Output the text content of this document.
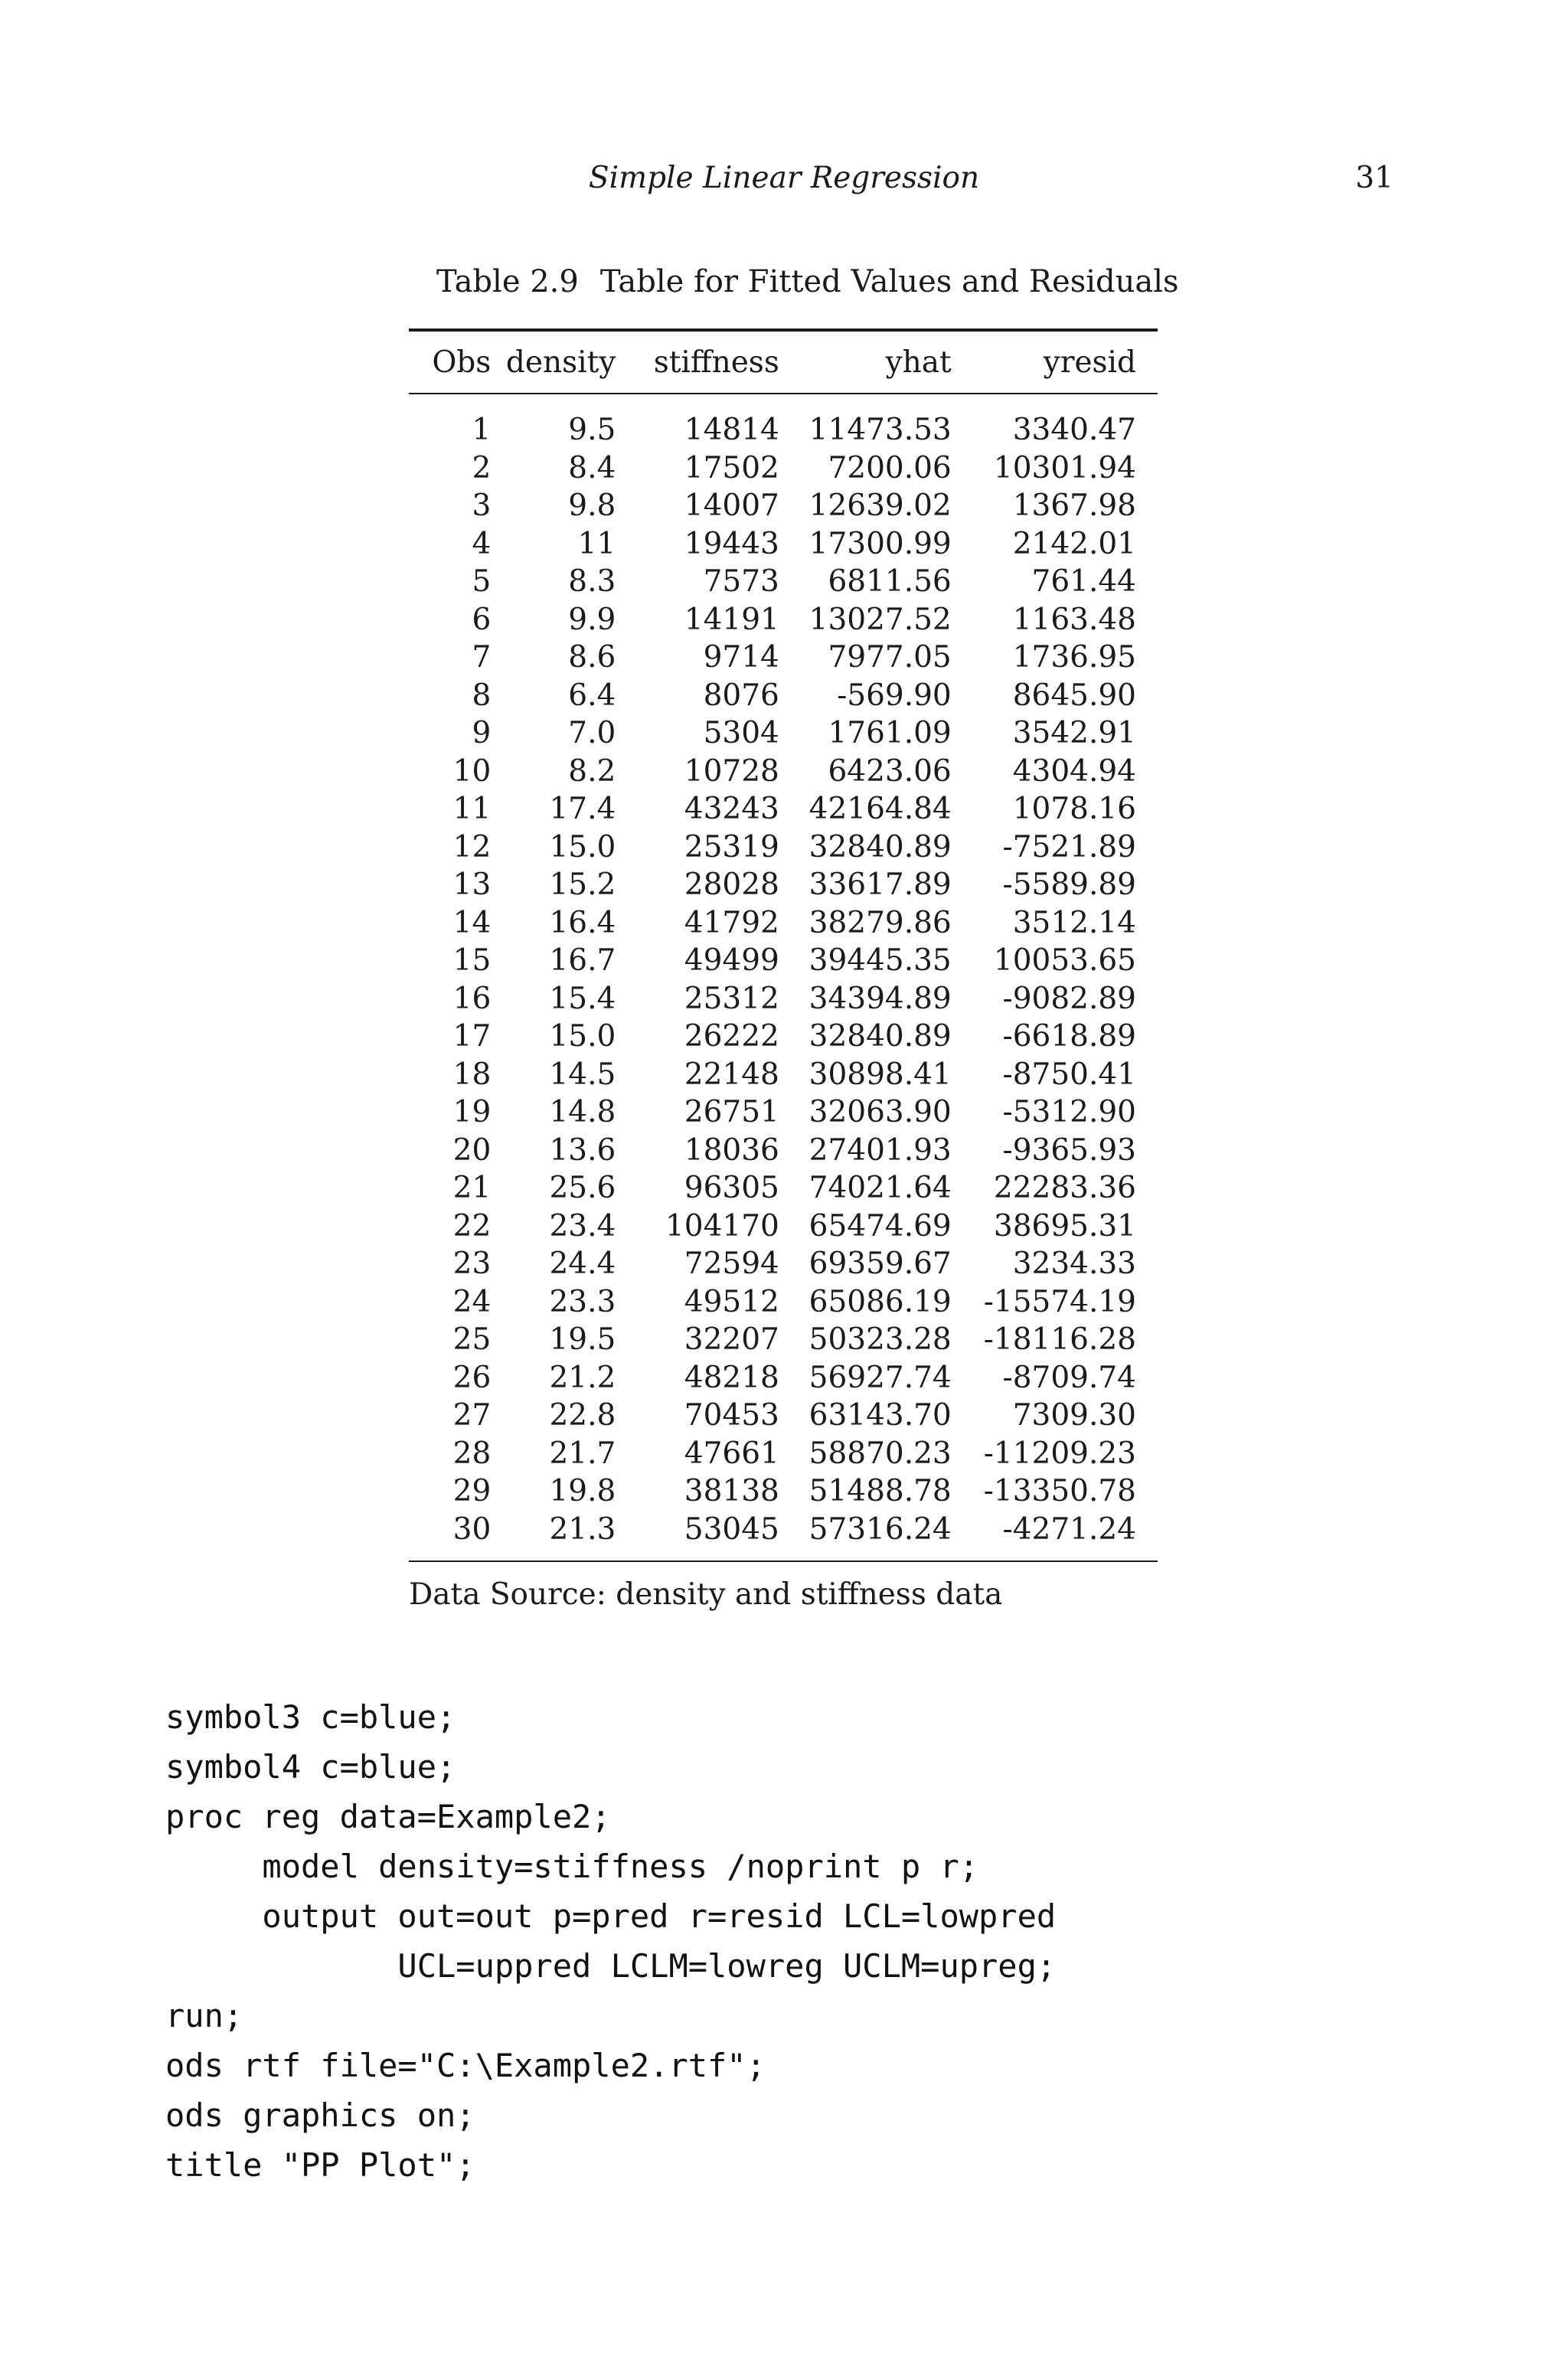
Simple Linear Regression	31
Table 2.9 Table for Fitted Values and Residuals
Obs	density	stiffness	yhat	yresid
1	9.5	14814	11473.53	3340.47
2	8.4	17502	7200.06	10301.94
3	9.8	14007	12639.02	1367.98
4	11	19443	17300.99	2142.01
5	8.3	7573	6811.56	761.44
6	9.9	14191	13027.52	1163.48
7	8.6	9714	7977.05	1736.95
8	6.4	8076	-569.90	8645.90
9	7.0	5304	1761.09	3542.91
10	8.2	10728	6423.06	4304.94
11	17.4	43243	42164.84	1078.16
12	15.0	25319	32840.89	-7521.89
13	15.2	28028	33617.89	-5589.89
14	16.4	41792	38279.86	3512.14
15	16.7	49499	39445.35	10053.65
16	15.4	25312	34394.89	-9082.89
17	15.0	26222	32840.89	-6618.89
18	14.5	22148	30898.41	-8750.41
19	14.8	26751	32063.90	-5312.90
20	13.6	18036	27401.93	-9365.93
21	25.6	96305	74021.64	22283.36
22	23.4	104170	65474.69	38695.31
23	24.4	72594	69359.67	3234.33
24	23.3	49512	65086.19	-15574.19
25	19.5	32207	50323.28	-18116.28
26	21.2	48218	56927.74	-8709.74
27	22.8	70453	63143.70	7309.30
28	21.7	47661	58870.23	-11209.23
29	19.8	38138	51488.78	-13350.78
30	21.3	53045	57316.24	-4271.24
Data Source: density and stiffness data
symbol3 c=blue;
symbol4 c=blue;
proc reg data=Example2;
model density=stiffness /noprint p r;
output out=out p=pred r=resid LCL=lowpred
UCL=uppred LCLM=lowreg UCLM=upreg;
run;
ods rtf file="C:\Example2.rtf";
ods graphics on;
title "PP Plot";
